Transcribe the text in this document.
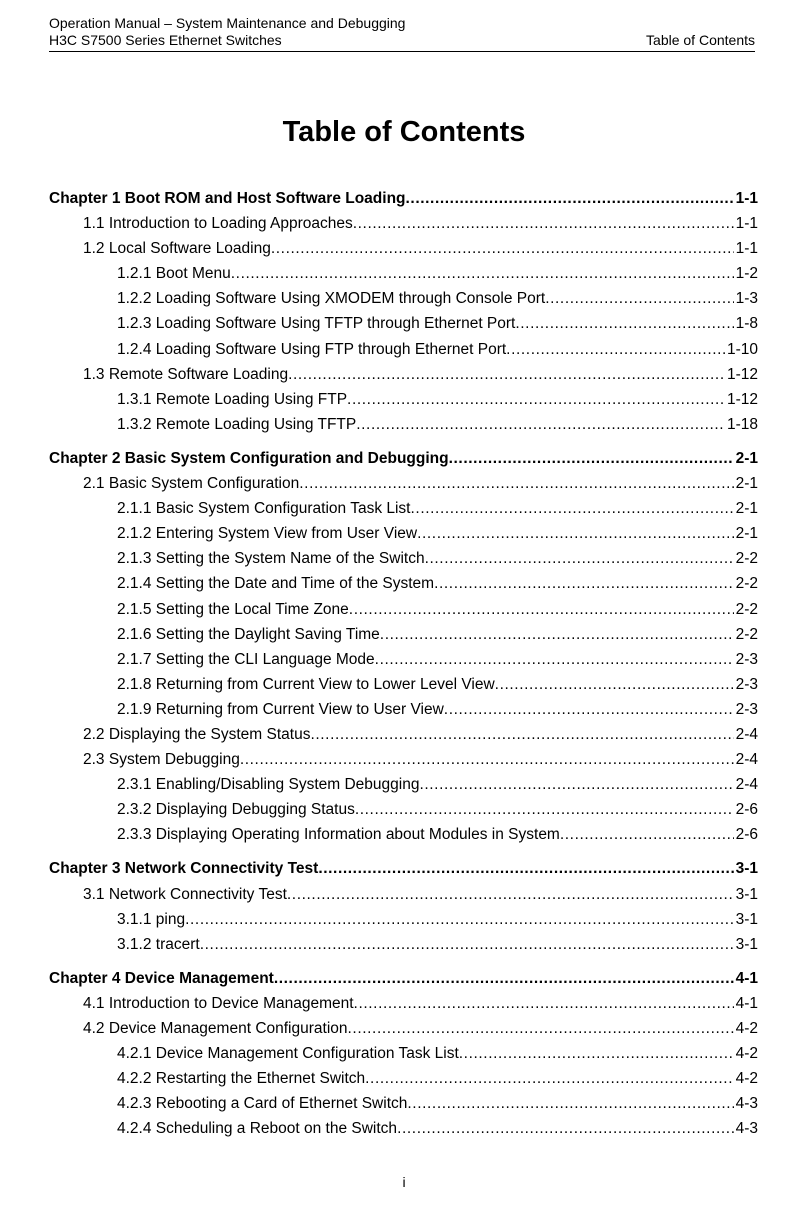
Operation Manual – System Maintenance and Debugging
H3C S7500 Series Ethernet Switches	Table of Contents
Table of Contents
Chapter 1 Boot ROM and Host Software Loading .....	1-1
1.1 Introduction to Loading Approaches .....	1-1
1.2 Local Software Loading .....	1-1
1.2.1 Boot Menu .....	1-2
1.2.2 Loading Software Using XMODEM through Console Port .....	1-3
1.2.3 Loading Software Using TFTP through Ethernet Port .....	1-8
1.2.4 Loading Software Using FTP through Ethernet Port .....	1-10
1.3 Remote Software Loading .....	1-12
1.3.1 Remote Loading Using FTP .....	1-12
1.3.2 Remote Loading Using TFTP .....	1-18
Chapter 2 Basic System Configuration and Debugging .....	2-1
2.1 Basic System Configuration .....	2-1
2.1.1 Basic System Configuration Task List .....	2-1
2.1.2 Entering System View from User View .....	2-1
2.1.3 Setting the System Name of the Switch .....	2-2
2.1.4 Setting the Date and Time of the System .....	2-2
2.1.5 Setting the Local Time Zone .....	2-2
2.1.6 Setting the Daylight Saving Time .....	2-2
2.1.7 Setting the CLI Language Mode .....	2-3
2.1.8 Returning from Current View to Lower Level View .....	2-3
2.1.9 Returning from Current View to User View .....	2-3
2.2 Displaying the System Status .....	2-4
2.3 System Debugging .....	2-4
2.3.1 Enabling/Disabling System Debugging .....	2-4
2.3.2 Displaying Debugging Status .....	2-6
2.3.3 Displaying Operating Information about Modules in System .....	2-6
Chapter 3 Network Connectivity Test .....	3-1
3.1 Network Connectivity Test .....	3-1
3.1.1 ping .....	3-1
3.1.2 tracert .....	3-1
Chapter 4 Device Management .....	4-1
4.1 Introduction to Device Management .....	4-1
4.2 Device Management Configuration .....	4-2
4.2.1 Device Management Configuration Task List .....	4-2
4.2.2 Restarting the Ethernet Switch .....	4-2
4.2.3 Rebooting a Card of Ethernet Switch .....	4-3
4.2.4 Scheduling a Reboot on the Switch .....	4-3
i
